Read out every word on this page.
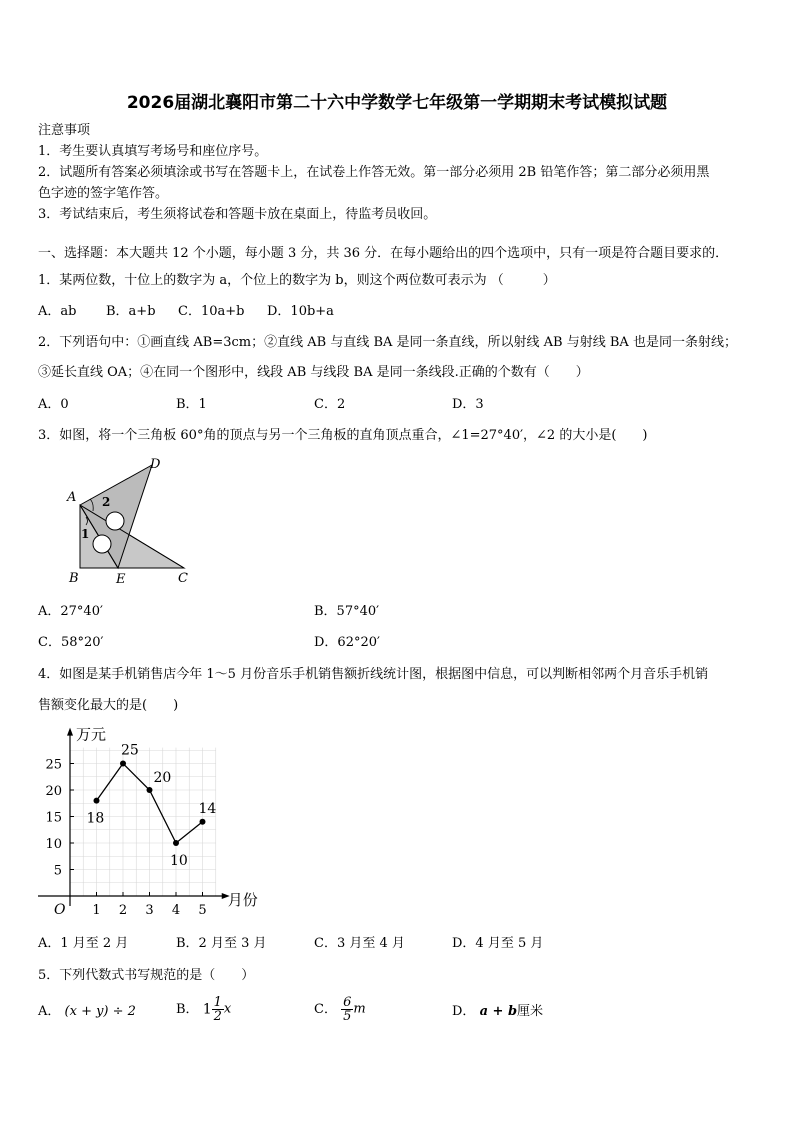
2026届湖北襄阳市第二十六中学数学七年级第一学期期末考试模拟试题
注意事项
1．考生要认真填写考场号和座位序号。
2．试题所有答案必须填涂或书写在答题卡上，在试卷上作答无效。第一部分必须用 2B 铅笔作答；第二部分必须用黑
色字迹的签字笔作答。
3．考试结束后，考生须将试卷和答题卡放在桌面上，待监考员收回。
一、选择题：本大题共 12 个小题，每小题 3 分，共 36 分．在每小题给出的四个选项中，只有一项是符合题目要求的．
1．某两位数，十位上的数字为 a，个位上的数字为 b，则这个两位数可表示为 （　　　）
A．ab B．a+b C．10a+b D．10b+a
2．下列语句中：①画直线 AB=3cm；②直线 AB 与直线 BA 是同一条直线，所以射线 AB 与射线 BA 也是同一条射线；
③延长直线 OA；④在同一个图形中，线段 AB 与线段 BA 是同一条线段.正确的个数有（　　）
A．0	B．1	C．2	D．3
3．如图，将一个三角板 60°角的顶点与另一个三角板的直角顶点重合，∠1=27°40′，∠2 的大小是(　　)
A
B	C
D
E
1
2
A．27°40′	B．57°40′
C．58°20′	D．62°20′
4．如图是某手机销售店今年 1～5 月份音乐手机销售额折线统计图，根据图中信息，可以判断相邻两个月音乐手机销
售额变化最大的是(　　)
万元
月份
O
5
10
15
20
25
1 2 3 4 5
18
25
20
10
14
A．1 月至 2 月	B．2 月至 3 月	C．3 月至 4 月	D．4 月至 5 月
5．下列代数式书写规范的是（　　）
A． (x + y) ÷ 2	B． $1 \frac{1}{2}$ x	C． $\frac{6}{5}$ m	D． a + b厘米
